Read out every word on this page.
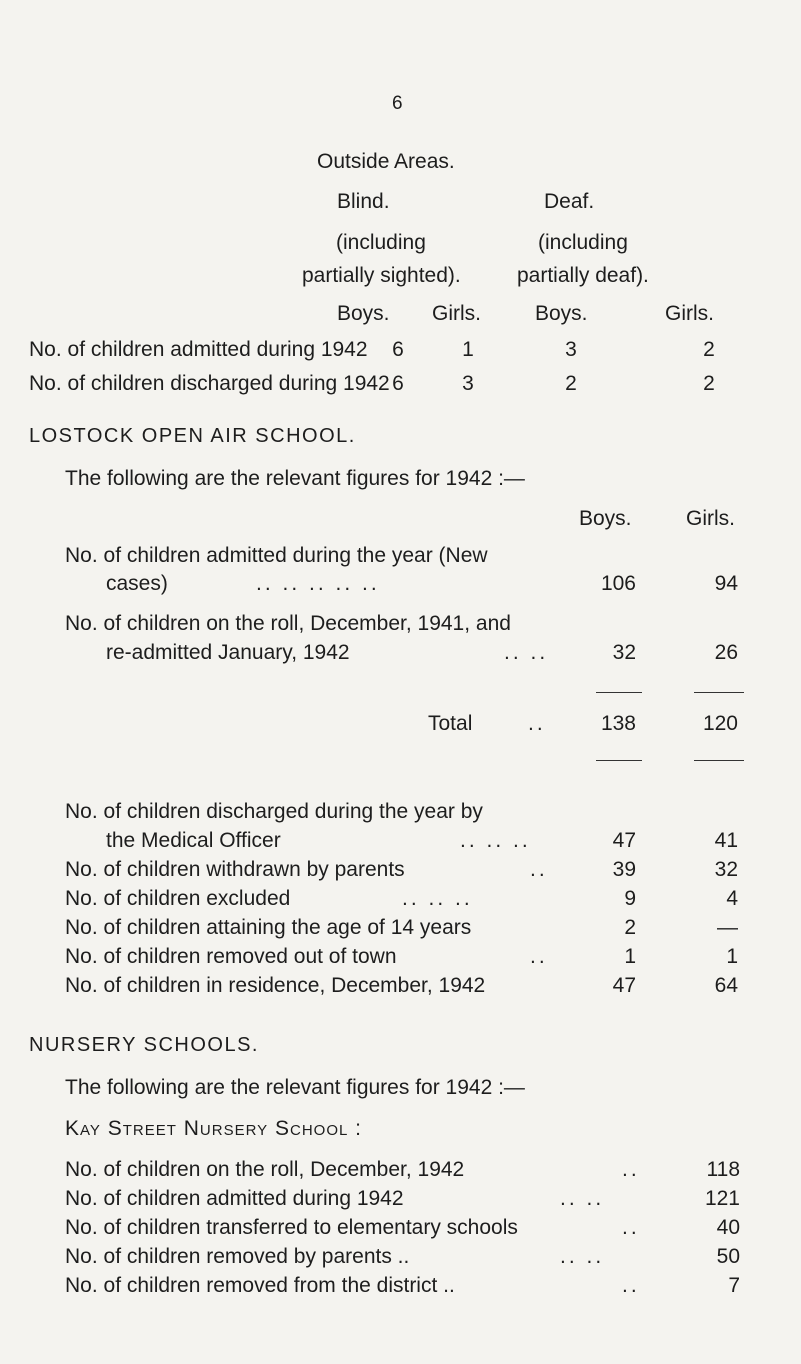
6
Outside Areas.
Blind.	Deaf.
(including	(including
partially sighted).	partially deaf).
Boys. Girls.	Boys.	Girls.
No. of children admitted during 1942 6	1	3	2
No. of children discharged during 1942 6	3	2	2
LOSTOCK OPEN AIR SCHOOL.
The following are the relevant figures for 1942 :—
Boys.	Girls.
No. of children admitted during the year (New
cases)	.. .. .. .. ..	106	94
No. of children on the roll, December, 1941, and
re-admitted January, 1942	.. ..	32	26
Total	..	138	120
No. of children discharged during the year by
the Medical Officer	.. .. ..	47	41
No. of children withdrawn by parents	..	39	32
No. of children excluded	.. .. ..	9	4
No. of children attaining the age of 14 years	2	—
No. of children removed out of town	..	1	1
No. of children in residence, December, 1942	47	64
NURSERY SCHOOLS.
The following are the relevant figures for 1942 :—
Kay Street Nursery School :
No. of children on the roll, December, 1942	..	118
No. of children admitted during 1942	.. ..	121
No. of children transferred to elementary schools	..	40
No. of children removed by parents ..	.. ..	50
No. of children removed from the district ..	..	7
